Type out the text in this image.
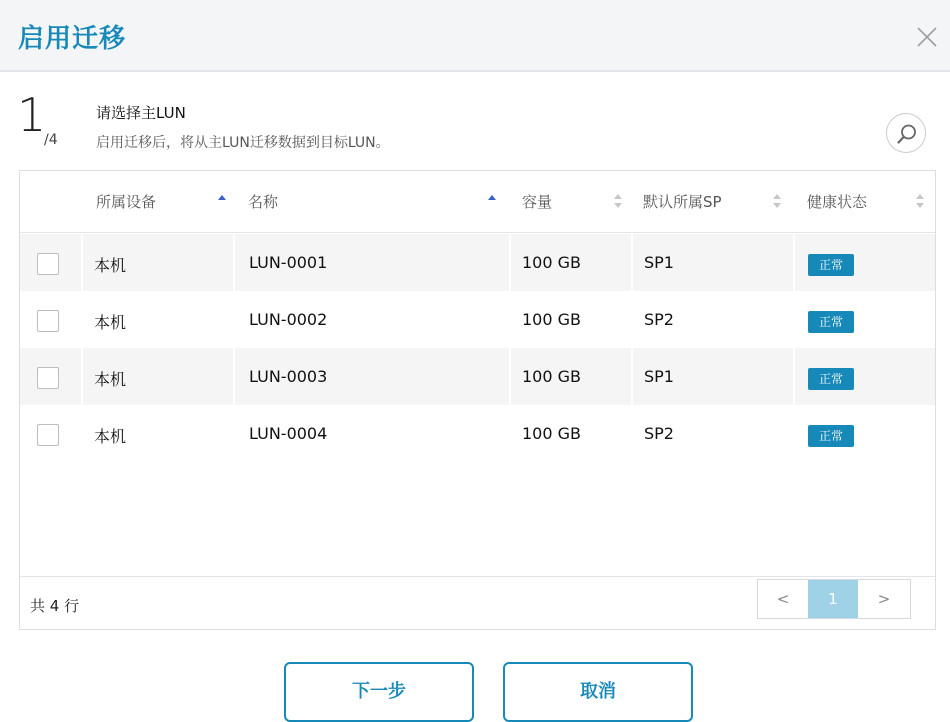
启用迁移
1
/4
请选择主LUN
启用迁移后，将从主LUN迁移数据到目标LUN。
所属设备	名称	容量	默认所属SP	健康状态
本机	LUN-0001	100 GB	SP1	正常
本机	LUN-0002	100 GB	SP2	正常
本机	LUN-0003	100 GB	SP1	正常
本机	LUN-0004	100 GB	SP2	正常
共 4 行	<	1	>
下一步	取消
